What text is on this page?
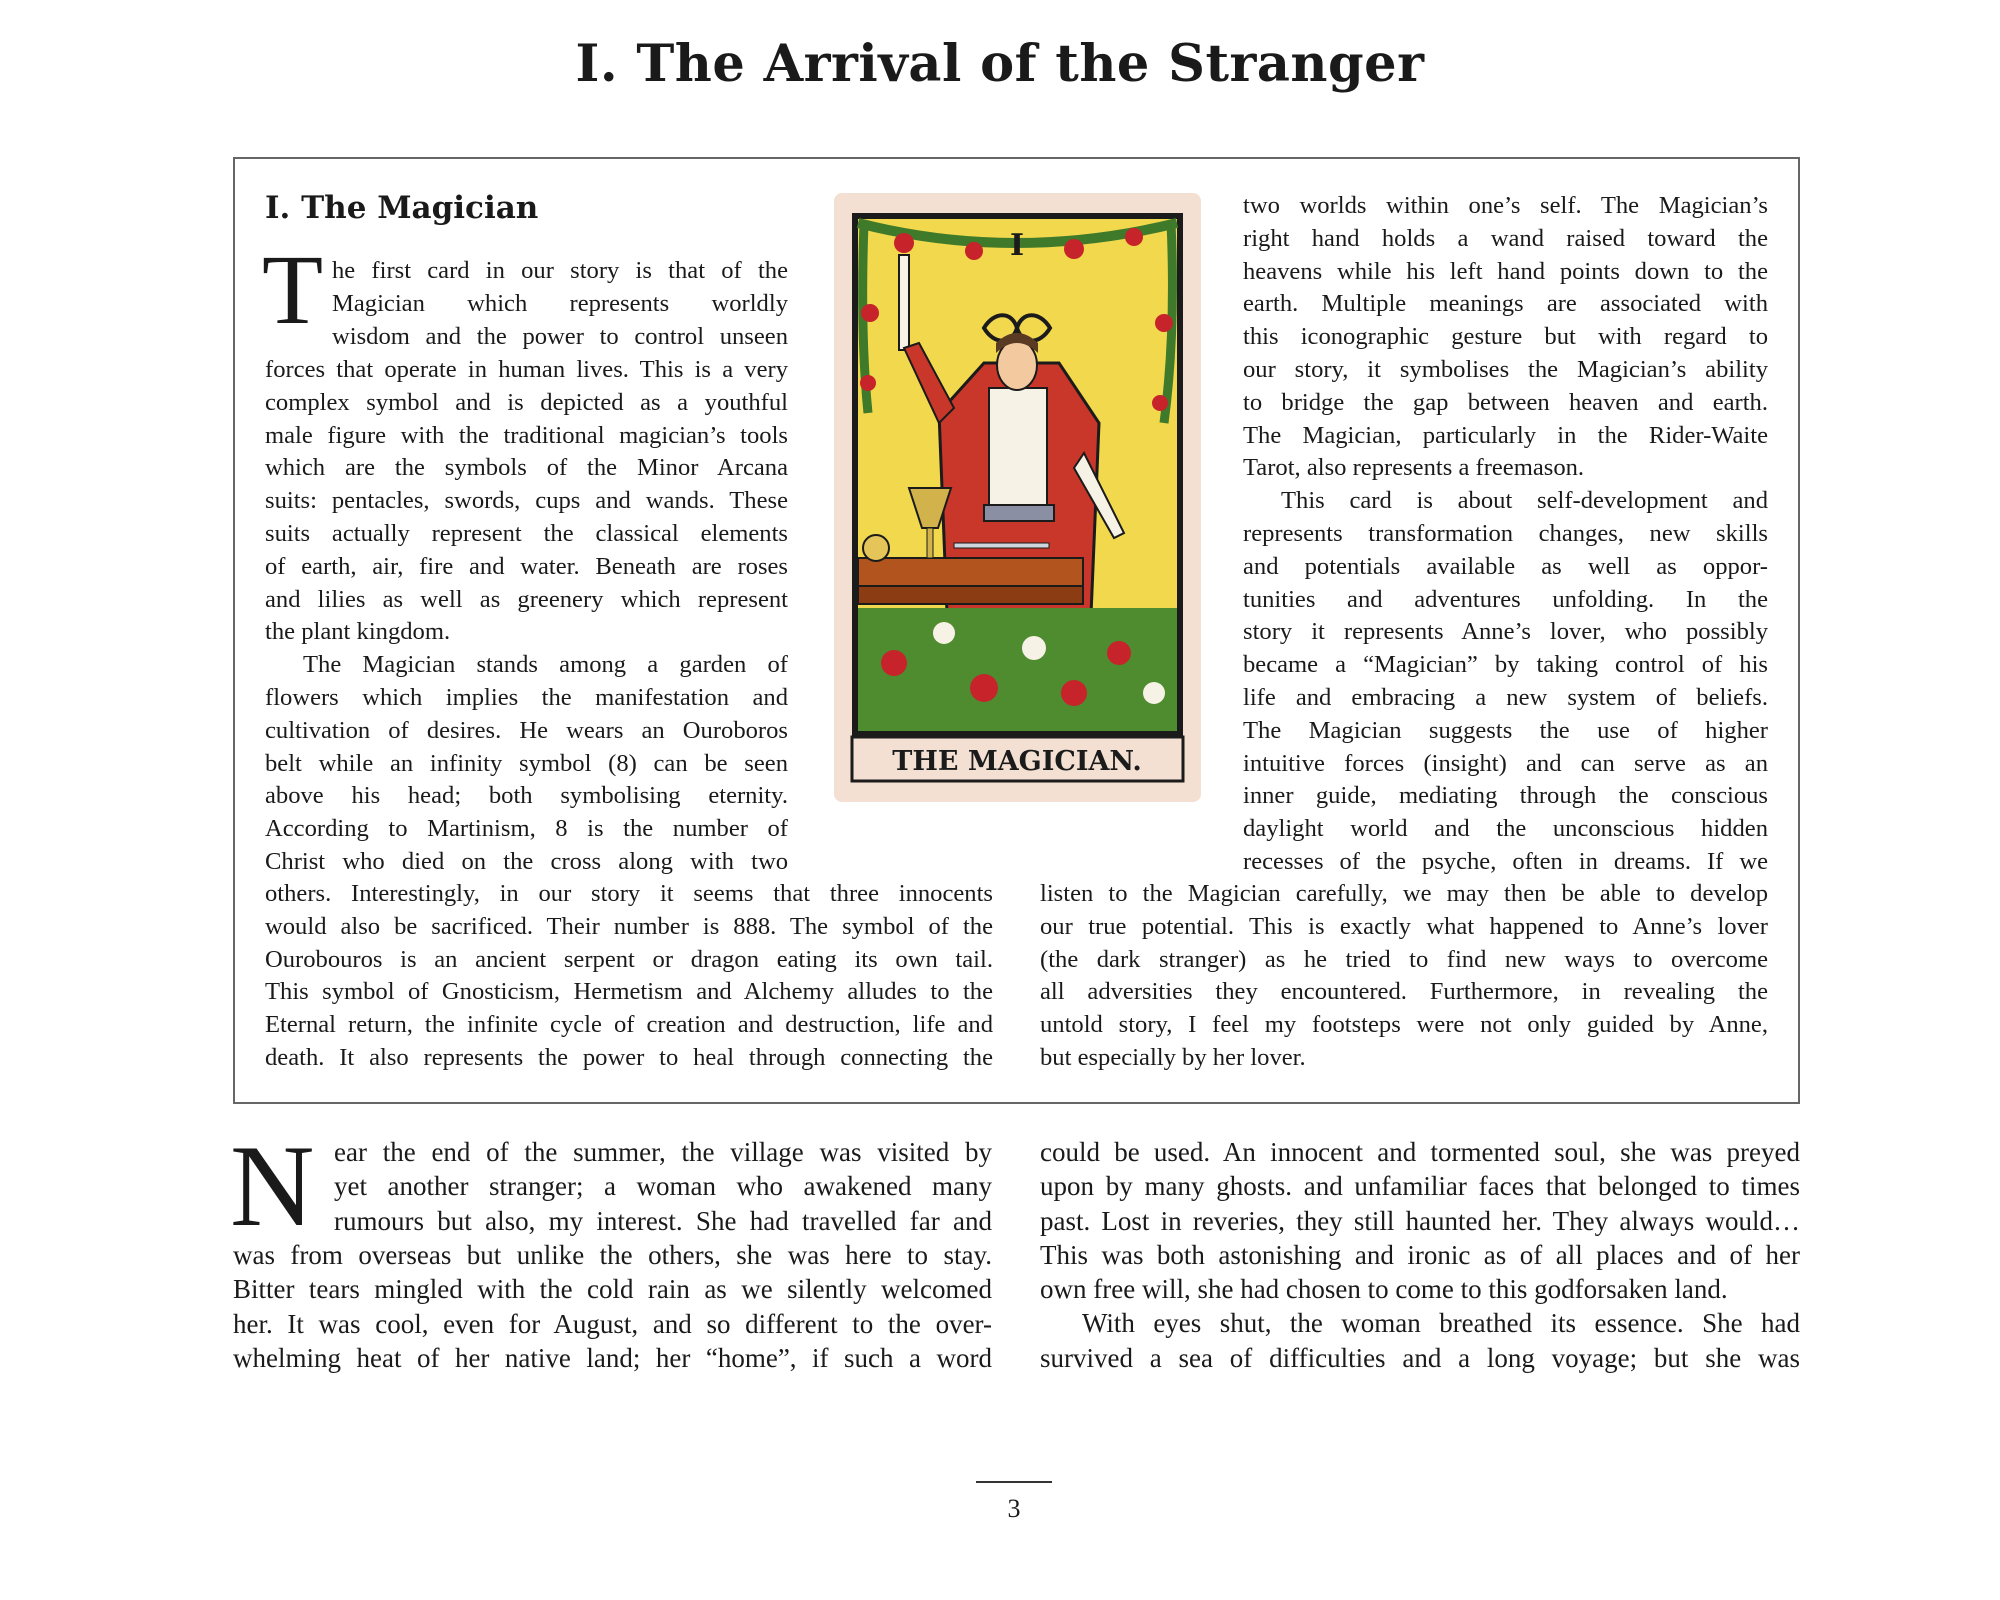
I. The Arrival of the Stranger
I. The Magician
T he first card in our story is that of the
Magician which represents worldly
wisdom and the power to control unseen
forces that operate in human lives. This is a very
complex symbol and is depicted as a youthful
male figure with the traditional magician’s tools
which are the symbols of the Minor Arcana
suits: pentacles, swords, cups and wands. These
suits actually represent the classical elements
of earth, air, fire and water. Beneath are roses
and lilies as well as greenery which represent
the plant kingdom.
The Magician stands among a garden of
flowers which implies the manifestation and
cultivation of desires. He wears an Ouroboros
belt while an infinity symbol (8) can be seen
above his head; both symbolising eternity.
According to Martinism, 8 is the number of
Christ who died on the cross along with two
others. Interestingly, in our story it seems that three innocents
would also be sacrificed. Their number is 888. The symbol of the
Ourobouros is an ancient serpent or dragon eating its own tail.
This symbol of Gnosticism, Hermetism and Alchemy alludes to the
Eternal return, the infinite cycle of creation and destruction, life and
death. It also represents the power to heal through connecting the
two worlds within one’s self. The Magician’s
right hand holds a wand raised toward the
heavens while his left hand points down to the
earth. Multiple meanings are associated with
this iconographic gesture but with regard to
our story, it symbolises the Magician’s ability
to bridge the gap between heaven and earth.
The Magician, particularly in the Rider-Waite
Tarot, also represents a freemason.
This card is about self-development and
represents transformation changes, new skills
and potentials available as well as oppor-
tunities and adventures unfolding. In the
story it represents Anne’s lover, who possibly
became a “Magician” by taking control of his
life and embracing a new system of beliefs.
The Magician suggests the use of higher
intuitive forces (insight) and can serve as an
inner guide, mediating through the conscious
daylight world and the unconscious hidden
recesses of the psyche, often in dreams. If we
listen to the Magician carefully, we may then be able to develop
our true potential. This is exactly what happened to Anne’s lover
(the dark stranger) as he tried to find new ways to overcome
all adversities they encountered. Furthermore, in revealing the
untold story, I feel my footsteps were not only guided by Anne,
but especially by her lover.
I
THE MAGICIAN.
N ear the end of the summer, the village was visited by
yet another stranger; a woman who awakened many
rumours but also, my interest. She had travelled far and
was from overseas but unlike the others, she was here to stay.
Bitter tears mingled with the cold rain as we silently welcomed
her. It was cool, even for August, and so different to the over-
whelming heat of her native land; her “home”, if such a word
could be used. An innocent and tormented soul, she was preyed
upon by many ghosts. and unfamiliar faces that belonged to times
past. Lost in reveries, they still haunted her. They always would…
This was both astonishing and ironic as of all places and of her
own free will, she had chosen to come to this godforsaken land.
With eyes shut, the woman breathed its essence. She had
survived a sea of difficulties and a long voyage; but she was
3
